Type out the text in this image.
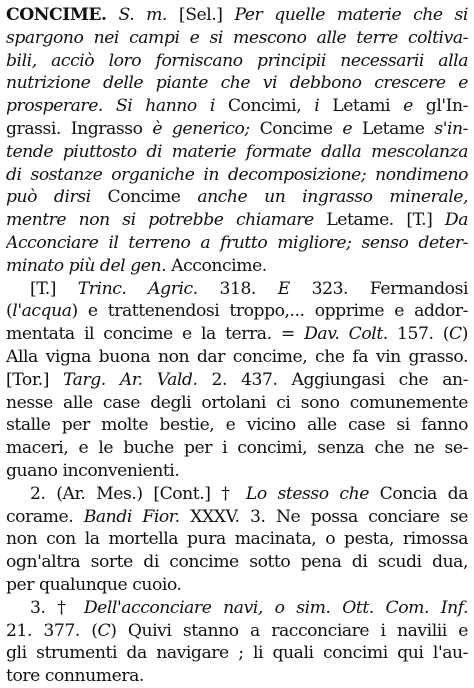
CONCIME. S. m. [Sel.] Per quelle materie che si
spargono nei campi e si mescono alle terre coltiva-
bili, acciò loro forniscano principii necessarii alla
nutrizione delle piante che vi debbono crescere e
prosperare. Si hanno i Concimi, i Letami e gl'In-
grassi. Ingrasso è generico; Concime e Letame s'in-
tende piuttosto di materie formate dalla mescolanza
di sostanze organiche in decomposizione; nondimeno
può dirsi Concime anche un ingrasso minerale,
mentre non si potrebbe chiamare Letame. [T.] Da
Acconciare il terreno a frutto migliore; senso deter-
minato più del gen. Acconcime.
[T.] Trinc. Agric. 318. E 323. Fermandosi
(l'acqua) e trattenendosi troppo,... opprime e addor-
mentata il concime e la terra. = Dav. Colt. 157. (C)
Alla vigna buona non dar concime, che fa vin grasso.
[Tor.] Targ. Ar. Vald. 2. 437. Aggiungasi che an-
nesse alle case degli ortolani ci sono comunemente
stalle per molte bestie, e vicino alle case si fanno
maceri, e le buche per i concimi, senza che ne se-
guano inconvenienti.
2. (Ar. Mes.) [Cont.] † Lo stesso che Concia da
corame. Bandi Fior. XXXV. 3. Ne possa conciare se
non con la mortella pura macinata, o pesta, rimossa
ogn'altra sorte di concime sotto pena di scudi dua,
per qualunque cuoio.
3. † Dell'acconciare navi, o sim. Ott. Com. Inf.
21. 377. (C) Quivi stanno a racconciare i navilii e
gli strumenti da navigare ; li quali concimi qui l'au-
tore connumera.
